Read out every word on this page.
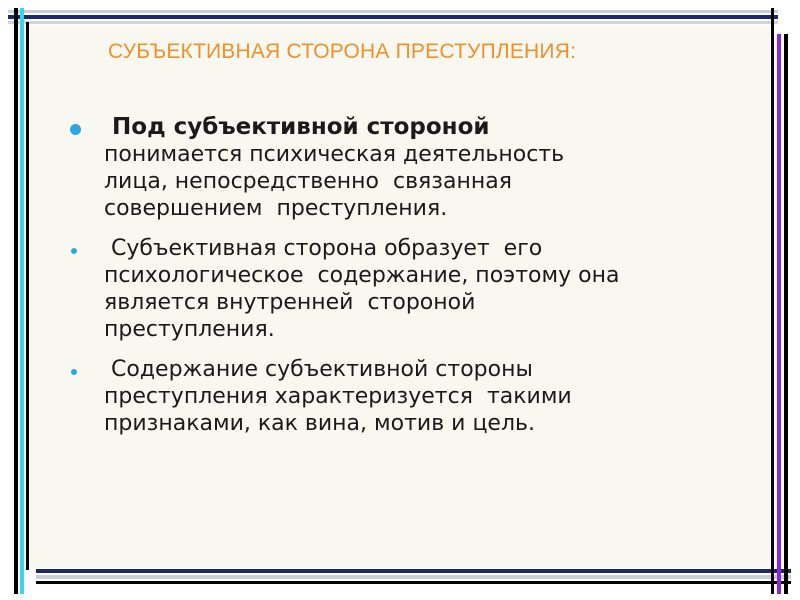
СУБЪЕКТИВНАЯ СТОРОНА ПРЕСТУПЛЕНИЯ:
Под субъективной стороной
понимается психическая деятельность
лица, непосредственно  связанная
совершением  преступления.
Субъективная сторона образует  его
психологическое  содержание, поэтому она
является внутренней  стороной
преступления.
Содержание субъективной стороны
преступления характеризуется  такими
признаками, как вина, мотив и цель.
